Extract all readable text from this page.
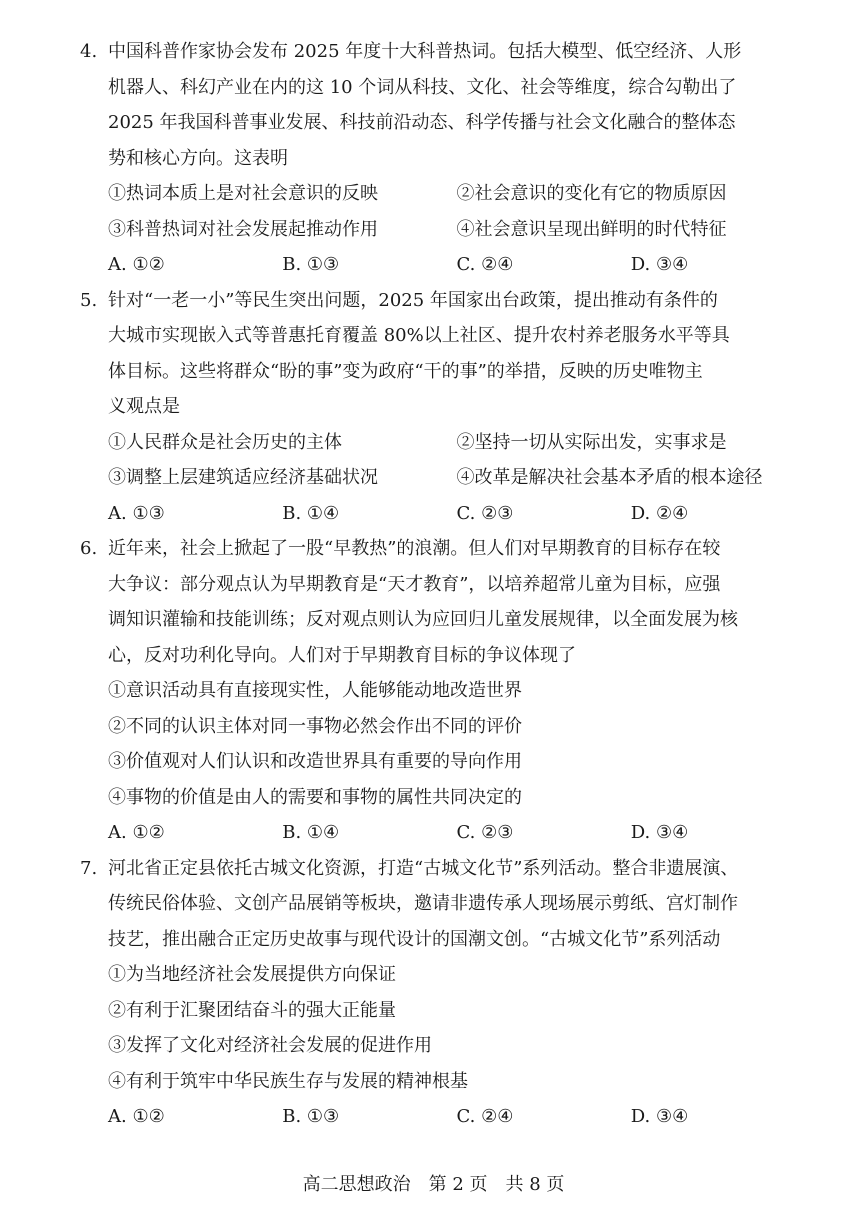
4. 中国科普作家协会发布 2025 年度十大科普热词。包括大模型、低空经济、人形
机器人、科幻产业在内的这 10 个词从科技、文化、社会等维度，综合勾勒出了
2025 年我国科普事业发展、科技前沿动态、科学传播与社会文化融合的整体态
势和核心方向。这表明
①热词本质上是对社会意识的反映	②社会意识的变化有它的物质原因
③科普热词对社会发展起推动作用	④社会意识呈现出鲜明的时代特征
A. ①②	B. ①③	C. ②④	D. ③④
5. 针对“一老一小”等民生突出问题，2025 年国家出台政策，提出推动有条件的
大城市实现嵌入式等普惠托育覆盖 80%以上社区、提升农村养老服务水平等具
体目标。这些将群众“盼的事”变为政府“干的事”的举措，反映的历史唯物主
义观点是
①人民群众是社会历史的主体	②坚持一切从实际出发，实事求是
③调整上层建筑适应经济基础状况	④改革是解决社会基本矛盾的根本途径
A. ①③	B. ①④	C. ②③	D. ②④
6. 近年来，社会上掀起了一股“早教热”的浪潮。但人们对早期教育的目标存在较
大争议：部分观点认为早期教育是“天才教育”，以培养超常儿童为目标，应强
调知识灌输和技能训练；反对观点则认为应回归儿童发展规律，以全面发展为核
心，反对功利化导向。人们对于早期教育目标的争议体现了
①意识活动具有直接现实性，人能够能动地改造世界
②不同的认识主体对同一事物必然会作出不同的评价
③价值观对人们认识和改造世界具有重要的导向作用
④事物的价值是由人的需要和事物的属性共同决定的
A. ①②	B. ①④	C. ②③	D. ③④
7. 河北省正定县依托古城文化资源，打造“古城文化节”系列活动。整合非遗展演、
传统民俗体验、文创产品展销等板块，邀请非遗传承人现场展示剪纸、宫灯制作
技艺，推出融合正定历史故事与现代设计的国潮文创。“古城文化节”系列活动
①为当地经济社会发展提供方向保证
②有利于汇聚团结奋斗的强大正能量
③发挥了文化对经济社会发展的促进作用
④有利于筑牢中华民族生存与发展的精神根基
A. ①②	B. ①③	C. ②④	D. ③④
高二思想政治　第 2 页　共 8 页
